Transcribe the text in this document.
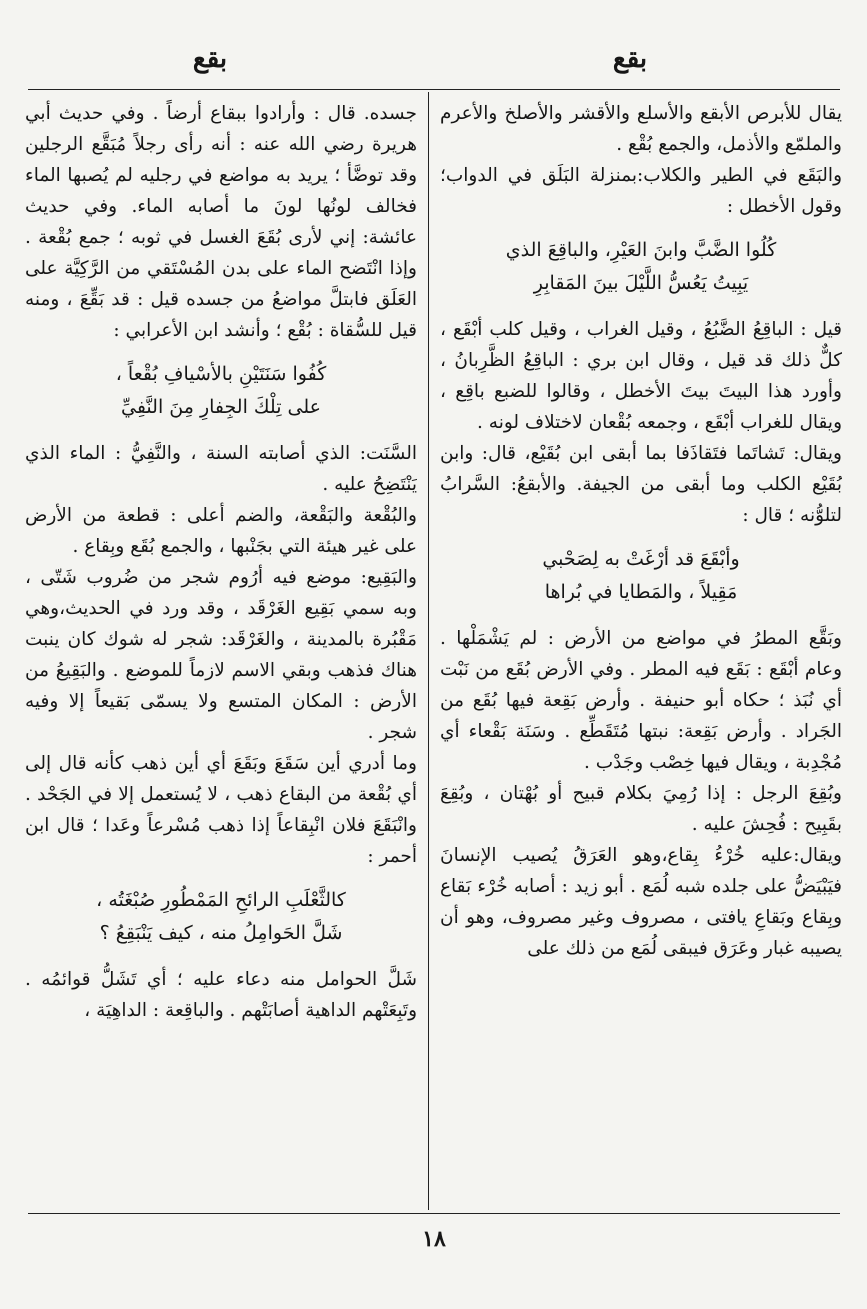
بقع
بقع

يقال للأبرص الأبقع والأسلع والأقشر والأصلخ والأعرم والملمّع والأذمل، والجمع بُقْع .

والبَقَع في الطير والكلاب:بمنزلة البَلَق في الدواب؛ وقول الأخطل :

كُلُوا الضَّبَّ وابنَ العَيْرِ، والباقِعَ الذي
يَبِيتُ يَعُسُّ اللَّيْلَ بينَ المَقابِرِ

قيل : الباقِعُ الضَّبُعُ ، وقيل الغراب ، وقيل كلب أبْقَع ، كلٌّ ذلك قد قيل ، وقال ابن بري : الباقِعُ الظَّرِبانُ ، وأورد هذا البيتَ بيتَ الأخطل ، وقالوا للضبع باقِع ، ويقال للغراب أبْقَع ، وجمعه بُقْعان لاختلاف لونه .

ويقال: تَشاتَما فتَقاذَفا بما أبقى ابن بُقَيْع، قال: وابن بُقَيْع الكلب وما أبقى من الجيفة. والأبقعُ: السَّرابُ لتلوُّنه ؛ قال :

وأبْقَعَ قد أرْغَتْ به لِصَحْبي
مَقِيلاً ، والمَطايا في بُراها

وبَقَّع المطرُ في مواضع من الأرض : لم يَشْمَلْها . وعام أبْقَع : بَقَع فيه المطر . وفي الأرض بُقَع من نَبْت أي نُبَذ ؛ حكاه أبو حنيفة . وأرض بَقِعة فيها بُقَع من الجَراد . وأرض بَقِعة: نبتها مُتَقَطِّع . وسَنَة بَقْعاء أي مُجْدِبة ، ويقال فيها خِصْب وجَدْب .

وبُقِعَ الرجل : إذا رُمِيَ بكلام قبيح أو بُهْتان ، وبُقِعَ بقَبِيح : فُحِشَ عليه .

ويقال:عليه خُرْءُ بِقاع،وهو العَرَقُ يُصيب الإنسانَ فيَبْيَضُّ على جلده شبه لُمَع . أبو زيد : أصابه خُرْء بَقاع وبِقاع وبَقاعِ يافتى ، مصروف وغير مصروف، وهو أن يصيبه غبار وعَرَق فيبقى لُمَع من ذلك على

جسده. قال : وأرادوا ببقاع أرضاً . وفي حديث أبي هريرة رضي الله عنه : أنه رأى رجلاً مُبَقَّع الرجلين وقد توضَّأ ؛ يريد به مواضع في رجليه لم يُصبها الماء فخالف لونُها لونَ ما أصابه الماء. وفي حديث عائشة: إني لأرى بُقَعَ الغسل في ثوبه ؛ جمع بُقْعة . وإذا انْتَضح الماء على بدن المُسْتَقي من الرَّكِيَّة على العَلَق فابتلَّ مواضعُ من جسده قيل : قد بَقِّعَ ، ومنه قيل للسُّقاة : بُقْع ؛ وأنشد ابن الأعرابي :

كُفُوا سَنَتَيْنِ بالأسْيافِ بُقْعاً ،
على تِلْكَ الجِفارِ مِنَ النَّفِيِّ

السَّنَت: الذي أصابته السنة ، والنَّفِيُّ : الماء الذي يَنْتَضِحُ عليه .

والبُقْعة والبَقْعة، والضم أعلى : قطعة من الأرض على غير هيئة التي بجَنْبها ، والجمع بُقَع وبِقاع .

والبَقِيع: موضع فيه أرُوم شجر من ضُروب شَتّى ، وبه سمي بَقِيع الغَرْقَد ، وقد ورد في الحديث،وهي مَقْبُرة بالمدينة ، والغَرْقَد: شجر له شوك كان ينبت هناك فذهب وبقي الاسم لازماً للموضع . والبَقِيعُ من الأرض : المكان المتسع ولا يسمّى بَقيعاً إلا وفيه شجر .

وما أدري أين سَقَعَ وبَقَعَ أي أين ذهب كأنه قال إلى أي بُقْعة من البقاع ذهب ، لا يُستعمل إلا في الجَحْد . وانْبَقَعَ فلان انْبِقاعاً إذا ذهب مُسْرعاً وعَدا ؛ قال ابن أحمر :

كالثَّعْلَبِ الرائحِ المَمْطُورِ صُبْغَتُه ،
شَلَّ الحَوامِلُ منه ، كيف يَنْبَقِعُ ؟

شَلَّ الحوامل منه دعاء عليه ؛ أي تَشَلُّ قوائمُه . وتَبِعَتْهم الداهية أصابَتْهم . والباقِعة : الداهِيَة ،

١٨
